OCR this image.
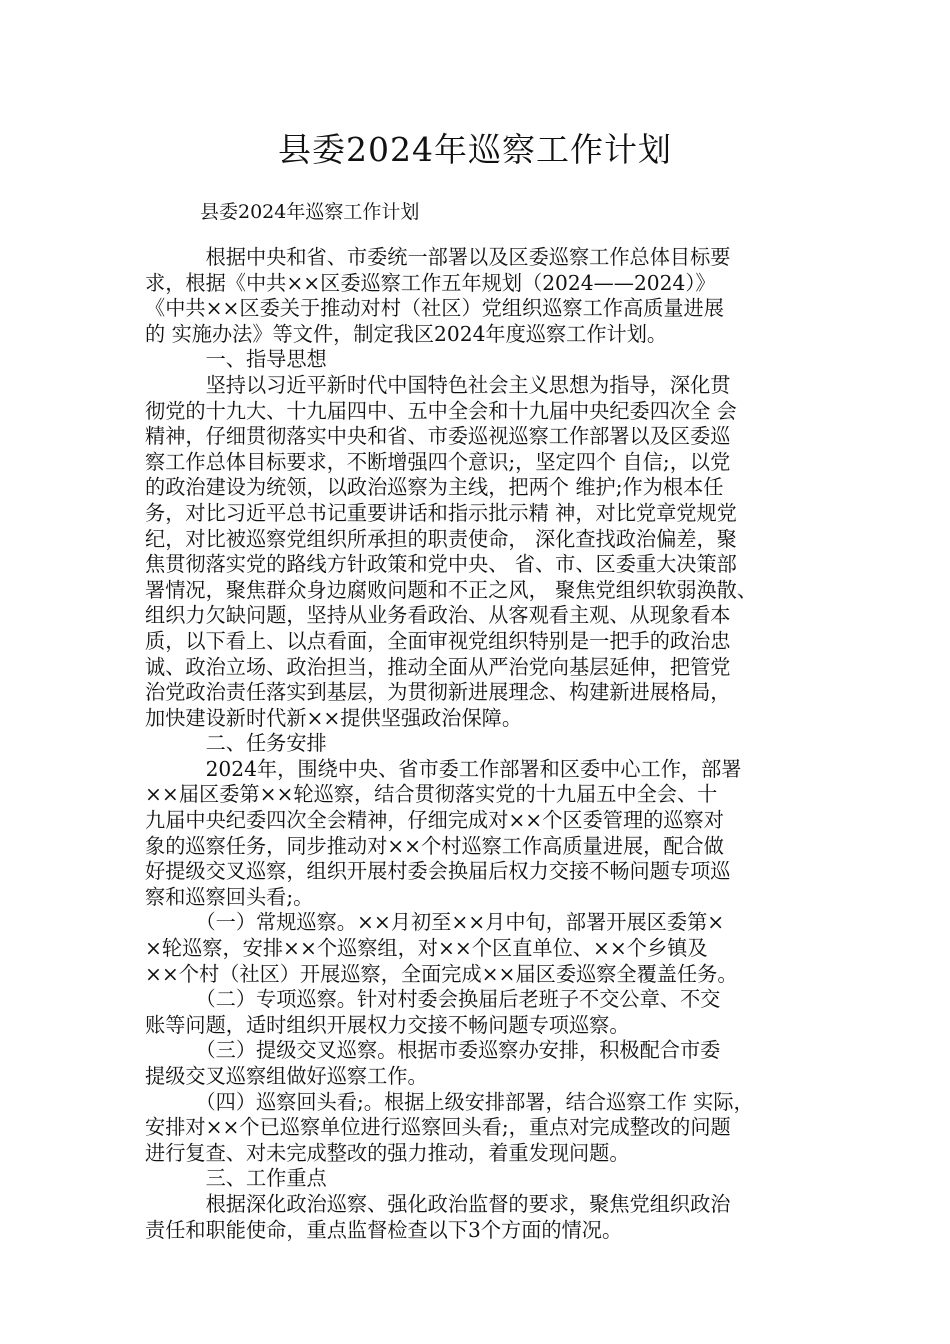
县委2024年巡察工作计划
县委2024年巡察工作计划
　　　根据中央和省、市委统一部署以及区委巡察工作总体目标要
求，根据《中共××区委巡察工作五年规划（2024——2024）》
《中共××区委关于推动对村（社区）党组织巡察工作高质量进展
的 实施办法》等文件，制定我区2024年度巡察工作计划。
　　　一、指导思想
　　　坚持以习近平新时代中国特色社会主义思想为指导，深化贯
彻党的十九大、十九届四中、五中全会和十九届中央纪委四次全 会
精神，仔细贯彻落实中央和省、市委巡视巡察工作部署以及区委巡
察工作总体目标要求，不断增强四个意识;，坚定四个 自信;，以党
的政治建设为统领，以政治巡察为主线，把两个 维护;作为根本任
务，对比习近平总书记重要讲话和指示批示精 神，对比党章党规党
纪，对比被巡察党组织所承担的职责使命， 深化查找政治偏差，聚
焦贯彻落实党的路线方针政策和党中央、 省、市、区委重大决策部
署情况，聚焦群众身边腐败问题和不正之风， 聚焦党组织软弱涣散、
组织力欠缺问题，坚持从业务看政治、从客观看主观、从现象看本
质，以下看上、以点看面，全面审视党组织特别是一把手的政治忠
诚、政治立场、政治担当，推动全面从严治党向基层延伸，把管党
治党政治责任落实到基层，为贯彻新进展理念、构建新进展格局，
加快建设新时代新××提供坚强政治保障。
　　　二、任务安排
　　　2024年，围绕中央、省市委工作部署和区委中心工作，部署
××届区委第××轮巡察，结合贯彻落实党的十九届五中全会、十
九届中央纪委四次全会精神，仔细完成对××个区委管理的巡察对
象的巡察任务，同步推动对××个村巡察工作高质量进展，配合做
好提级交叉巡察，组织开展村委会换届后权力交接不畅问题专项巡
察和巡察回头看;。
　　　（一）常规巡察。××月初至××月中旬，部署开展区委第×
×轮巡察，安排××个巡察组，对××个区直单位、××个乡镇及
××个村（社区）开展巡察，全面完成××届区委巡察全覆盖任务。
　　　（二）专项巡察。针对村委会换届后老班子不交公章、不交
账等问题，适时组织开展权力交接不畅问题专项巡察。
　　　（三）提级交叉巡察。根据市委巡察办安排，积极配合市委
提级交叉巡察组做好巡察工作。
　　　（四）巡察回头看;。根据上级安排部署，结合巡察工作 实际，
安排对××个已巡察单位进行巡察回头看;，重点对完成整改的问题
进行复查、对未完成整改的强力推动，着重发现问题。
　　　三、工作重点
　　　根据深化政治巡察、强化政治监督的要求，聚焦党组织政治
责任和职能使命，重点监督检查以下3个方面的情况。
